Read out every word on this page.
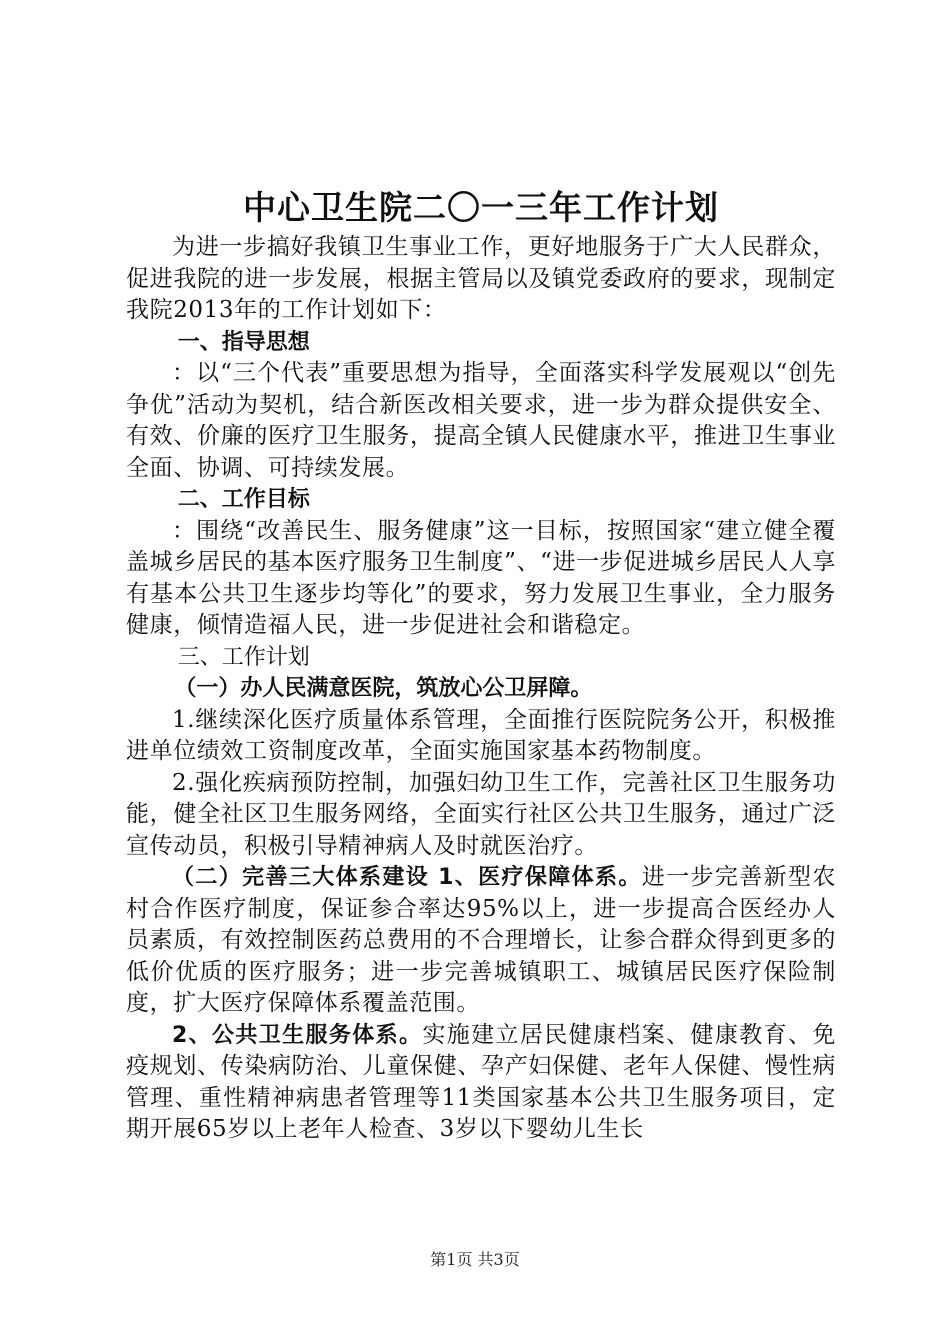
中心卫生院二〇一三年工作计划

为进一步搞好我镇卫生事业工作，更好地服务于广大人民群众，促进我院的进一步发展，根据主管局以及镇党委政府的要求，现制定我院2013年的工作计划如下：

一、指导思想

：以“三个代表”重要思想为指导，全面落实科学发展观以“创先争优”活动为契机，结合新医改相关要求，进一步为群众提供安全、有效、价廉的医疗卫生服务，提高全镇人民健康水平，推进卫生事业全面、协调、可持续发展。

二、工作目标

：围绕“改善民生、服务健康”这一目标，按照国家“建立健全覆盖城乡居民的基本医疗服务卫生制度”、“进一步促进城乡居民人人享有基本公共卫生逐步均等化”的要求，努力发展卫生事业，全力服务健康，倾情造福人民，进一步促进社会和谐稳定。

三、工作计划

（一）办人民满意医院，筑放心公卫屏障。

1.继续深化医疗质量体系管理，全面推行医院院务公开，积极推进单位绩效工资制度改革，全面实施国家基本药物制度。

2.强化疾病预防控制，加强妇幼卫生工作，完善社区卫生服务功能，健全社区卫生服务网络，全面实行社区公共卫生服务，通过广泛宣传动员，积极引导精神病人及时就医治疗。

（二）完善三大体系建设 1、医疗保障体系。进一步完善新型农村合作医疗制度，保证参合率达95%以上，进一步提高合医经办人员素质，有效控制医药总费用的不合理增长，让参合群众得到更多的低价优质的医疗服务；进一步完善城镇职工、城镇居民医疗保险制度，扩大医疗保障体系覆盖范围。

2、公共卫生服务体系。实施建立居民健康档案、健康教育、免疫规划、传染病防治、儿童保健、孕产妇保健、老年人保健、慢性病管理、重性精神病患者管理等11类国家基本公共卫生服务项目，定期开展65岁以上老年人检查、3岁以下婴幼儿生长

第1页 共3页
